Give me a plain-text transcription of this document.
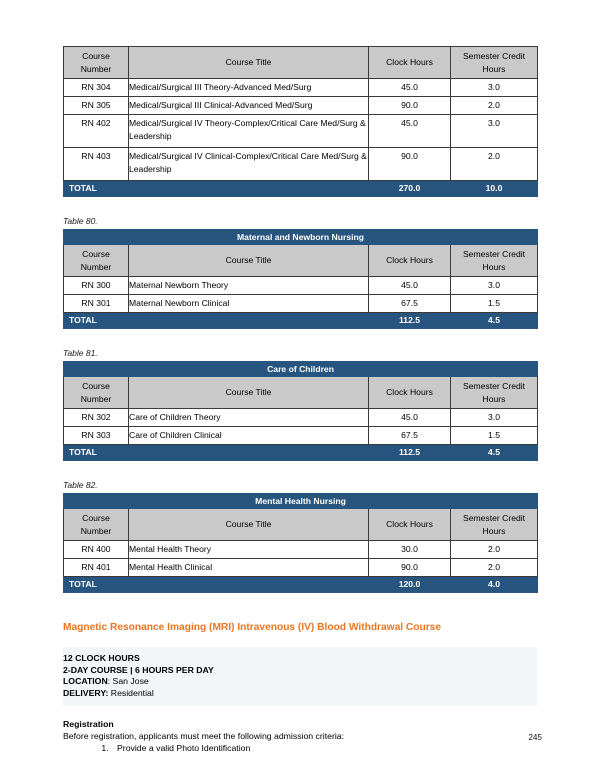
Course
Number	Course Title	Clock Hours	Semester Credit
Hours
RN 304	Medical/Surgical III Theory-Advanced Med/Surg	45.0	3.0
RN 305	Medical/Surgical III Clinical-Advanced Med/Surg	90.0	2.0
RN 402	Medical/Surgical IV Theory-Complex/Critical Care Med/Surg & Leadership	45.0	3.0
RN 403	Medical/Surgical IV Clinical-Complex/Critical Care Med/Surg & Leadership	90.0	2.0
TOTAL		270.0	10.0

Table 80.

Maternal and Newborn Nursing			
Course
Number	Course Title	Clock Hours	Semester Credit
Hours
RN 300	Maternal Newborn Theory	45.0	3.0
RN 301	Maternal Newborn Clinical	67.5	1.5
TOTAL		112.5	4.5

Table 81.

Care of Children			
Course
Number	Course Title	Clock Hours	Semester Credit
Hours
RN 302	Care of Children Theory	45.0	3.0
RN 303	Care of Children Clinical	67.5	1.5
TOTAL		112.5	4.5

Table 82.

Mental Health Nursing			
Course
Number	Course Title	Clock Hours	Semester Credit
Hours
RN 400	Mental Health Theory	30.0	2.0
RN 401	Mental Health Clinical	90.0	2.0
TOTAL		120.0	4.0

Magnetic Resonance Imaging (MRI) Intravenous (IV) Blood Withdrawal Course

12 CLOCK HOURS

2-DAY COURSE | 6 HOURS PER DAY

LOCATION: San Jose

DELIVERY: Residential

Registration

Before registration, applicants must meet the following admission criteria:

1. Provide a valid Photo Identification
245
